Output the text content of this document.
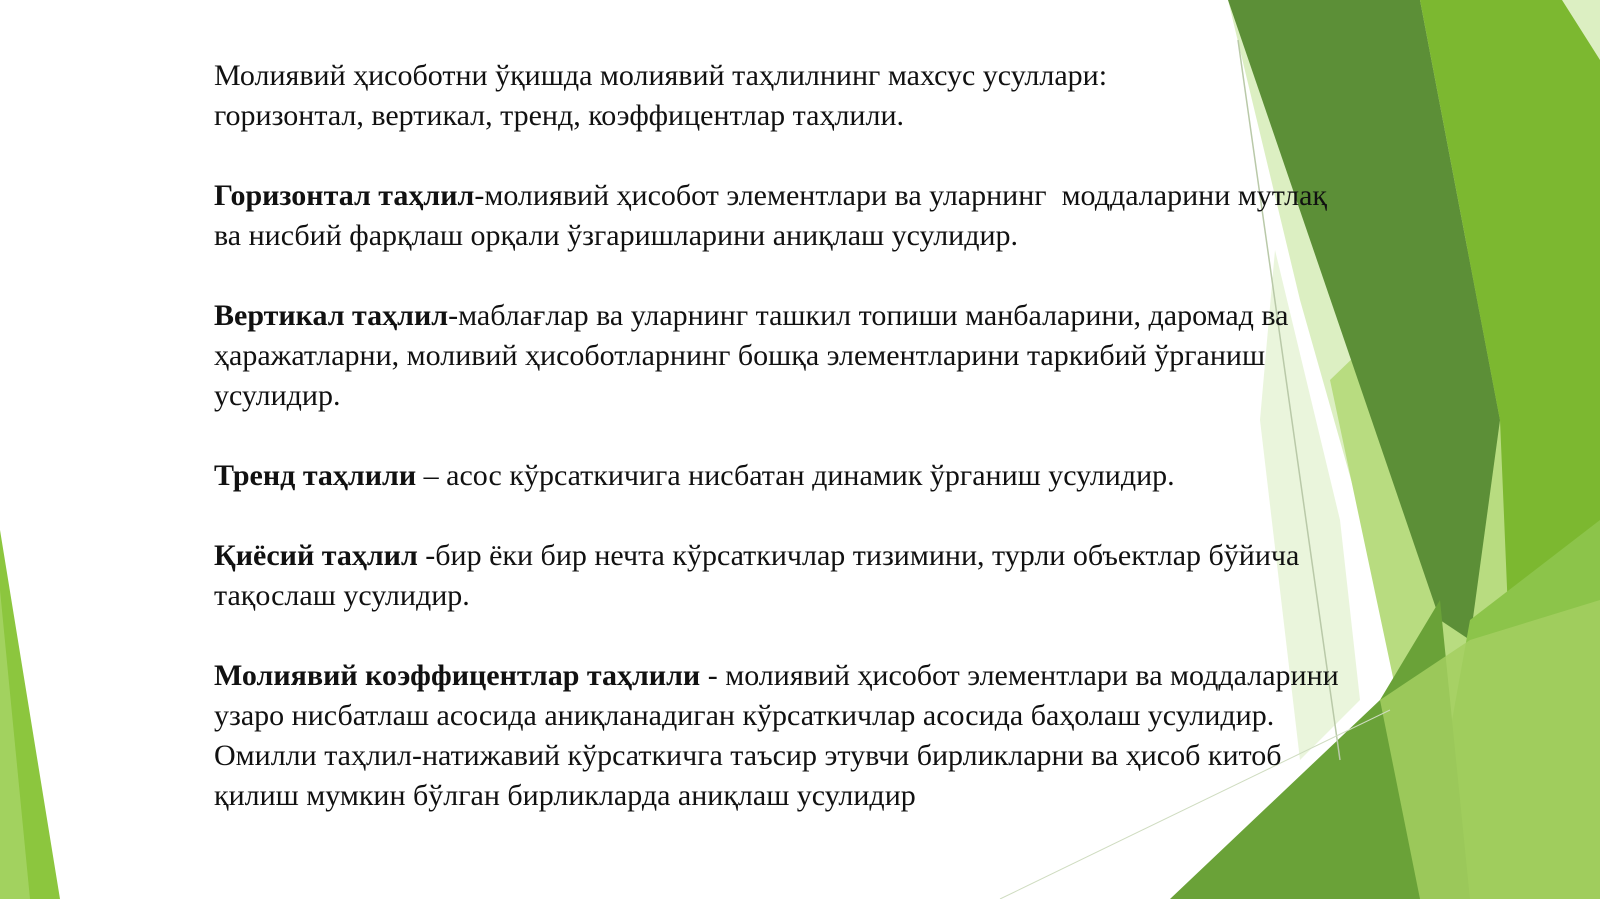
Молиявий ҳисоботни ўқишда молиявий таҳлилнинг махсус усуллари:
горизонтал, вертикал, тренд, коэффицентлар таҳлили.

Горизонтал таҳлил-молиявий ҳисобот элементлари ва уларнинг  моддаларини мутлақ ва нисбий фарқлаш орқали ўзгаришларини аниқлаш усулидир.

Вертикал таҳлил-маблағлар ва уларнинг ташкил топиши манбаларини, даромад ва ҳаражатларни, моливий ҳисоботларнинг бошқа элементларини таркибий ўрганиш усулидир.

Тренд таҳлили – асос кўрсаткичига нисбатан динамик ўрганиш усулидир.

Қиёсий таҳлил -бир ёки бир нечта кўрсаткичлар тизимини, турли объектлар бўйича тақослаш усулидир.

Молиявий коэффицентлар таҳлили - молиявий ҳисобот элементлари ва моддаларини узаро нисбатлаш асосида аниқланадиган кўрсаткичлар асосида баҳолаш усулидир. Омилли таҳлил-натижавий кўрсаткичга таъсир этувчи бирликларни ва ҳисоб китоб қилиш мумкин бўлган бирликларда аниқлаш усулидир
